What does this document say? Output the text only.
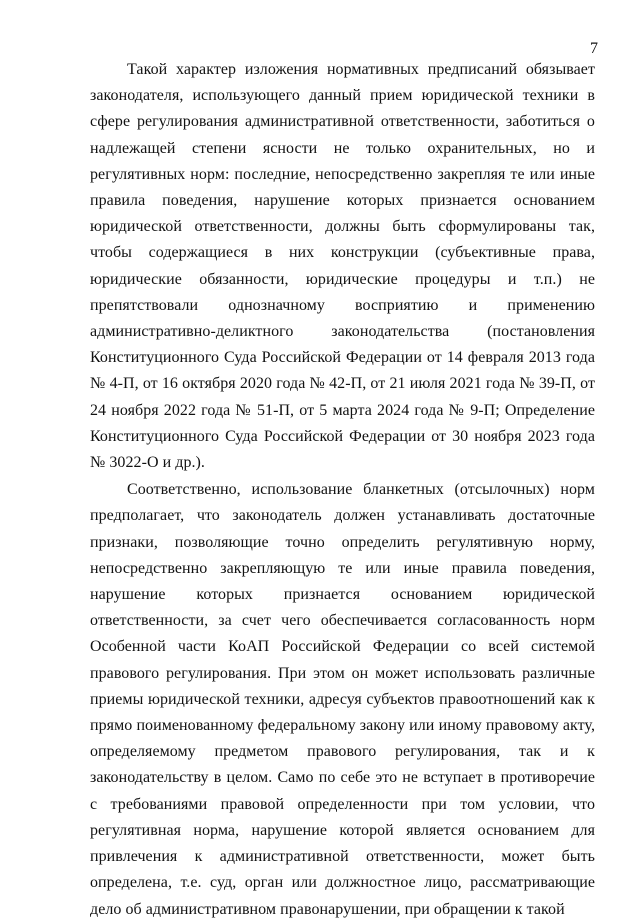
7

Такой характер изложения нормативных предписаний обязывает законодателя, использующего данный прием юридической техники в сфере регулирования административной ответственности, заботиться о надлежащей степени ясности не только охранительных, но и регулятивных норм: последние, непосредственно закрепляя те или иные правила поведения, нарушение которых признается основанием юридической ответственности, должны быть сформулированы так, чтобы содержащиеся в них конструкции (субъективные права, юридические обязанности, юридические процедуры и т.п.) не препятствовали однозначному восприятию и применению административно-деликтного законодательства (постановления Конституционного Суда Российской Федерации от 14 февраля 2013 года № 4-П, от 16 октября 2020 года № 42-П, от 21 июля 2021 года № 39-П, от 24 ноября 2022 года № 51-П, от 5 марта 2024 года № 9-П; Определение Конституционного Суда Российской Федерации от 30 ноября 2023 года № 3022-О и др.).

Соответственно, использование бланкетных (отсылочных) норм предполагает, что законодатель должен устанавливать достаточные признаки, позволяющие точно определить регулятивную норму, непосредственно закрепляющую те или иные правила поведения, нарушение которых признается основанием юридической ответственности, за счет чего обеспечивается согласованность норм Особенной части КоАП Российской Федерации со всей системой правового регулирования. При этом он может использовать различные приемы юридической техники, адресуя субъектов правоотношений как к прямо поименованному федеральному закону или иному правовому акту, определяемому предметом правового регулирования, так и к законодательству в целом. Само по себе это не вступает в противоречие с требованиями правовой определенности при том условии, что регулятивная норма, нарушение которой является основанием для привлечения к административной ответственности, может быть определена, т.е. суд, орган или должностное лицо, рассматривающие дело об административном правонарушении, при обращении к такой
